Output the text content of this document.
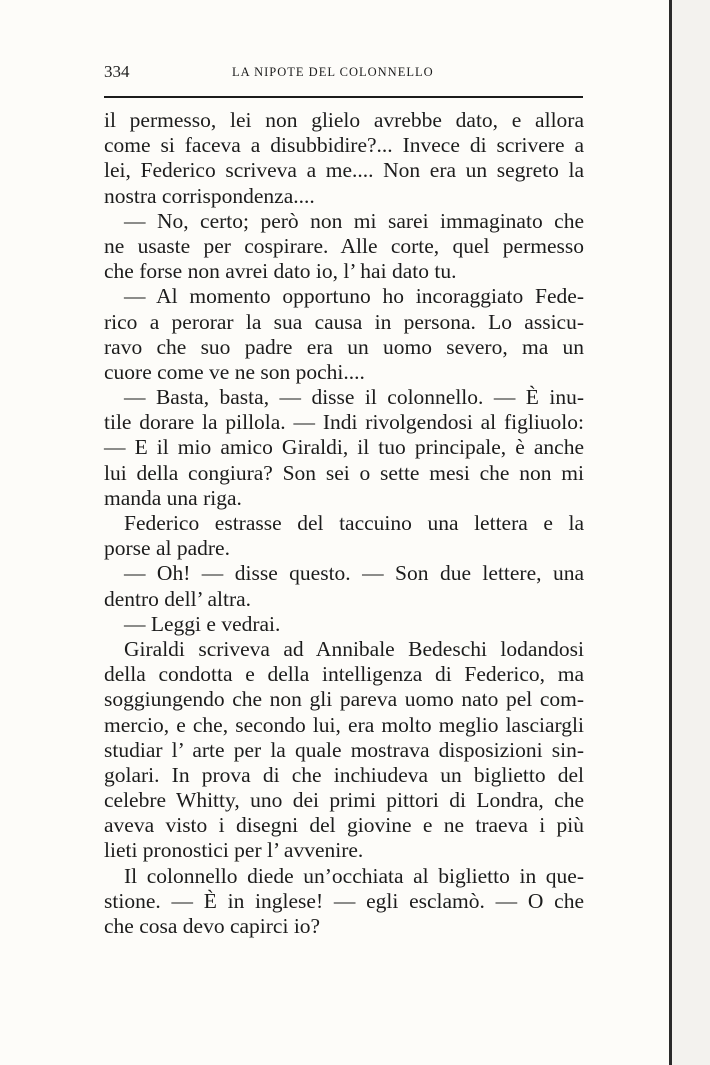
334	LA NIPOTE DEL COLONNELLO
il permesso, lei non glielo avrebbe dato, e allora
come si faceva a disubbidire?... Invece di scrivere a
lei, Federico scriveva a me.... Non era un segreto la
nostra corrispondenza....
— No, certo; però non mi sarei immaginato che
ne usaste per cospirare. Alle corte, quel permesso
che forse non avrei dato io, l’ hai dato tu.
— Al momento opportuno ho incoraggiato Fede-
rico a perorar la sua causa in persona. Lo assicu-
ravo che suo padre era un uomo severo, ma un
cuore come ve ne son pochi....
— Basta, basta, — disse il colonnello. — È inu-
tile dorare la pillola. — Indi rivolgendosi al figliuolo:
— E il mio amico Giraldi, il tuo principale, è anche
lui della congiura? Son sei o sette mesi che non mi
manda una riga.
Federico estrasse del taccuino una lettera e la
porse al padre.
— Oh! — disse questo. — Son due lettere, una
dentro dell’ altra.
— Leggi e vedrai.
Giraldi scriveva ad Annibale Bedeschi lodandosi
della condotta e della intelligenza di Federico, ma
soggiungendo che non gli pareva uomo nato pel com-
mercio, e che, secondo lui, era molto meglio lasciargli
studiar l’ arte per la quale mostrava disposizioni sin-
golari. In prova di che inchiudeva un biglietto del
celebre Whitty, uno dei primi pittori di Londra, che
aveva visto i disegni del giovine e ne traeva i più
lieti pronostici per l’ avvenire.
Il colonnello diede un’occhiata al biglietto in que-
stione. — È in inglese! — egli esclamò. — O che
che cosa devo capirci io?
